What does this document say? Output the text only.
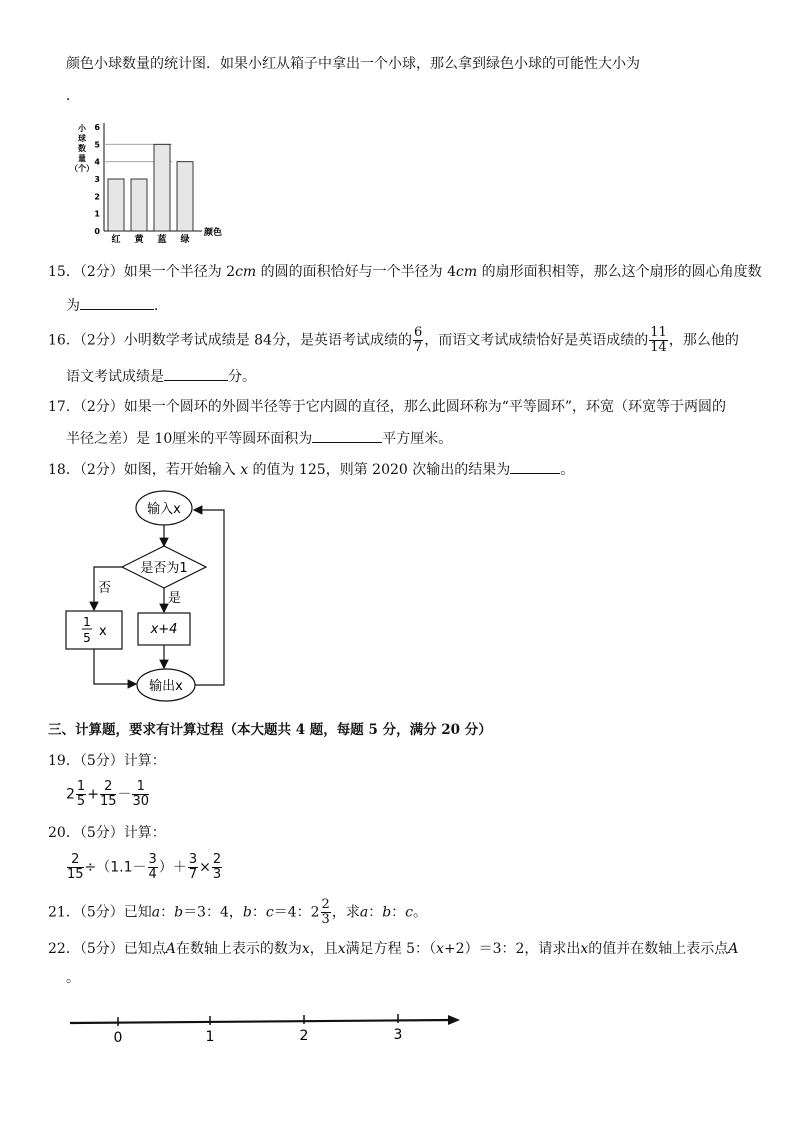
颜色小球数量的统计图．如果小红从箱子中拿出一个小球，那么拿到绿色小球的可能性大小为
．
小球数量（个）
0
1
2
3
4
5
6
红 黄 蓝 绿
颜色
15．（2分）如果一个半径为 2cm 的圆的面积恰好与一个半径为 4cm 的扇形面积相等，那么这个扇形的圆心角度数
为	．
16．（2分）小明数学考试成绩是 84分，是英语考试成绩的 $\frac{6}{7}$ ，而语文考试成绩恰好是英语成绩的 $\frac{11}{14}$ ，那么他的
语文考试成绩是	分。
17．（2分）如果一个圆环的外圆半径等于它内圆的直径，那么此圆环称为“平等圆环”，环宽（环宽等于两圆的
半径之差）是 10厘米的平等圆环面积为	平方厘米。
18．（2分）如图，若开始输入 x 的值为 125，则第 2020 次输出的结果为	。
输入x
是否为1
否
是
1
5 x	x+4
输出x
三、计算题，要求有计算过程（本大题共 4 题，每题 5 分，满分 20 分）
19．（5分）计算：
$2 \frac{1}{5} + \frac{2}{15} - \frac{1}{30}$
20．（5分）计算：
$\frac{2}{15} \div(1.1- \frac{3}{4}$ ）＋ $\frac{3}{7} \times \frac{2}{3}$
21．（5分）已知a：b＝3：4，b：c＝4：$2 \frac{2}{3}$ ，求a：b：c。
22．（5分）已知点A在数轴上表示的数为x，且x满足方程 5：（x+2）＝3：2，请求出x的值并在数轴上表示点A
。
0	1	2	3
